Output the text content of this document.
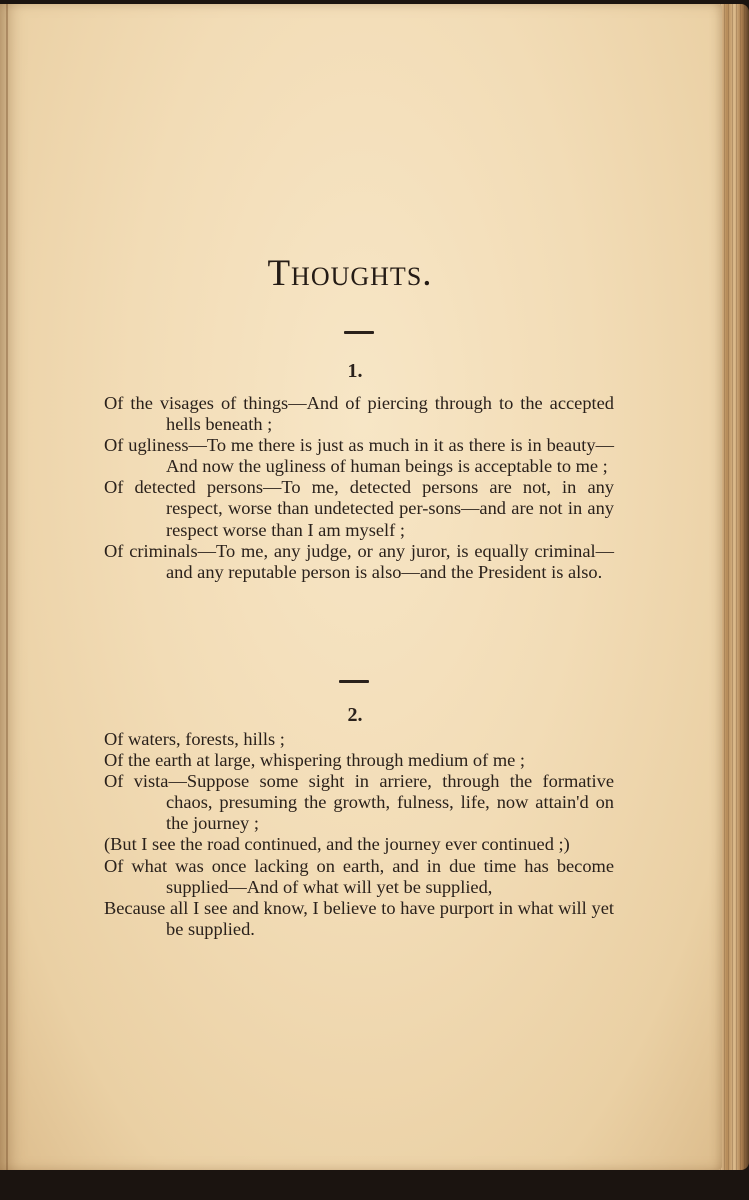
Thoughts.
1.
Of the visages of things—And of piercing through to the accepted hells beneath ;
Of ugliness—To me there is just as much in it as there is in beauty—And now the ugliness of human beings is acceptable to me ;
Of detected persons—To me, detected persons are not, in any respect, worse than undetected per-sons—and are not in any respect worse than I am myself ;
Of criminals—To me, any judge, or any juror, is equally criminal—and any reputable person is also—and the President is also.
2.
Of waters, forests, hills ;
Of the earth at large, whispering through medium of me ;
Of vista—Suppose some sight in arriere, through the formative chaos, presuming the growth, fulness, life, now attain'd on the journey ;
(But I see the road continued, and the journey ever continued ;)
Of what was once lacking on earth, and in due time has become supplied—And of what will yet be supplied,
Because all I see and know, I believe to have purport in what will yet be supplied.
